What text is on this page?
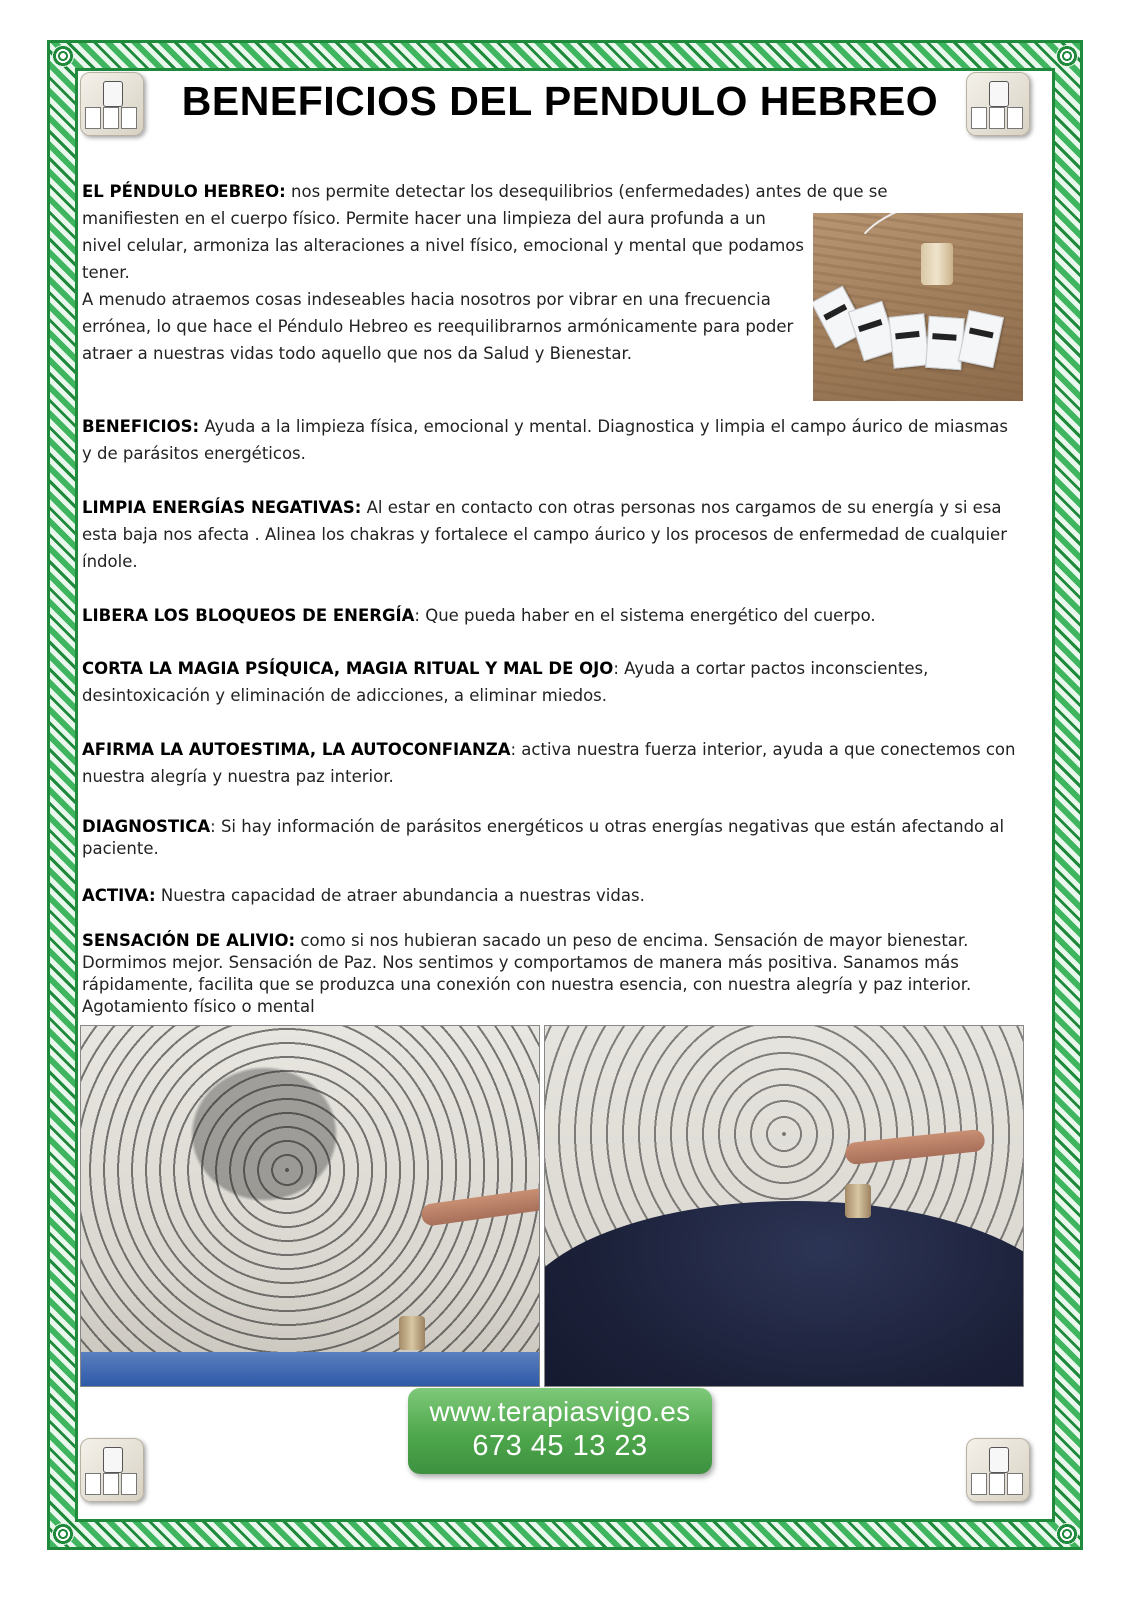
BENEFICIOS DEL PENDULO HEBREO
EL PÉNDULO HEBREO: nos permite detectar los desequilibrios (enfermedades) antes de que se
manifiesten en el cuerpo físico. Permite hacer una limpieza del aura profunda a un nivel celular, armoniza las alteraciones a nivel físico, emocional y mental que podamos tener.
A menudo atraemos cosas indeseables hacia nosotros por vibrar en una frecuencia errónea, lo que hace el Péndulo Hebreo es reequilibrarnos armónicamente para poder atraer a nuestras vidas todo aquello que nos da Salud y Bienestar.
BENEFICIOS: Ayuda a la limpieza física, emocional y mental. Diagnostica y limpia el campo áurico de miasmas y de parásitos energéticos.
LIMPIA ENERGÍAS NEGATIVAS: Al estar en contacto con otras personas nos cargamos de su energía y si esa esta baja nos afecta . Alinea los chakras y fortalece el campo áurico y los procesos de enfermedad de cualquier índole.
LIBERA LOS BLOQUEOS DE ENERGÍA: Que pueda haber en el sistema energético del cuerpo.
CORTA LA MAGIA PSÍQUICA, MAGIA RITUAL Y MAL DE OJO: Ayuda a cortar pactos inconscientes, desintoxicación y eliminación de adicciones, a eliminar miedos.
AFIRMA LA AUTOESTIMA, LA AUTOCONFIANZA: activa nuestra fuerza interior, ayuda a que conectemos con nuestra alegría y nuestra paz interior.
DIAGNOSTICA: Si hay información de parásitos energéticos u otras energías negativas que están afectando al paciente.
ACTIVA: Nuestra capacidad de atraer abundancia a nuestras vidas.
SENSACIÓN DE ALIVIO: como si nos hubieran sacado un peso de encima. Sensación de mayor bienestar. Dormimos mejor. Sensación de Paz. Nos sentimos y comportamos de manera más positiva. Sanamos más rápidamente, facilita que se produzca una conexión con nuestra esencia, con nuestra alegría y paz interior. Agotamiento físico o mental
www.terapiasvigo.es
673 45 13 23
